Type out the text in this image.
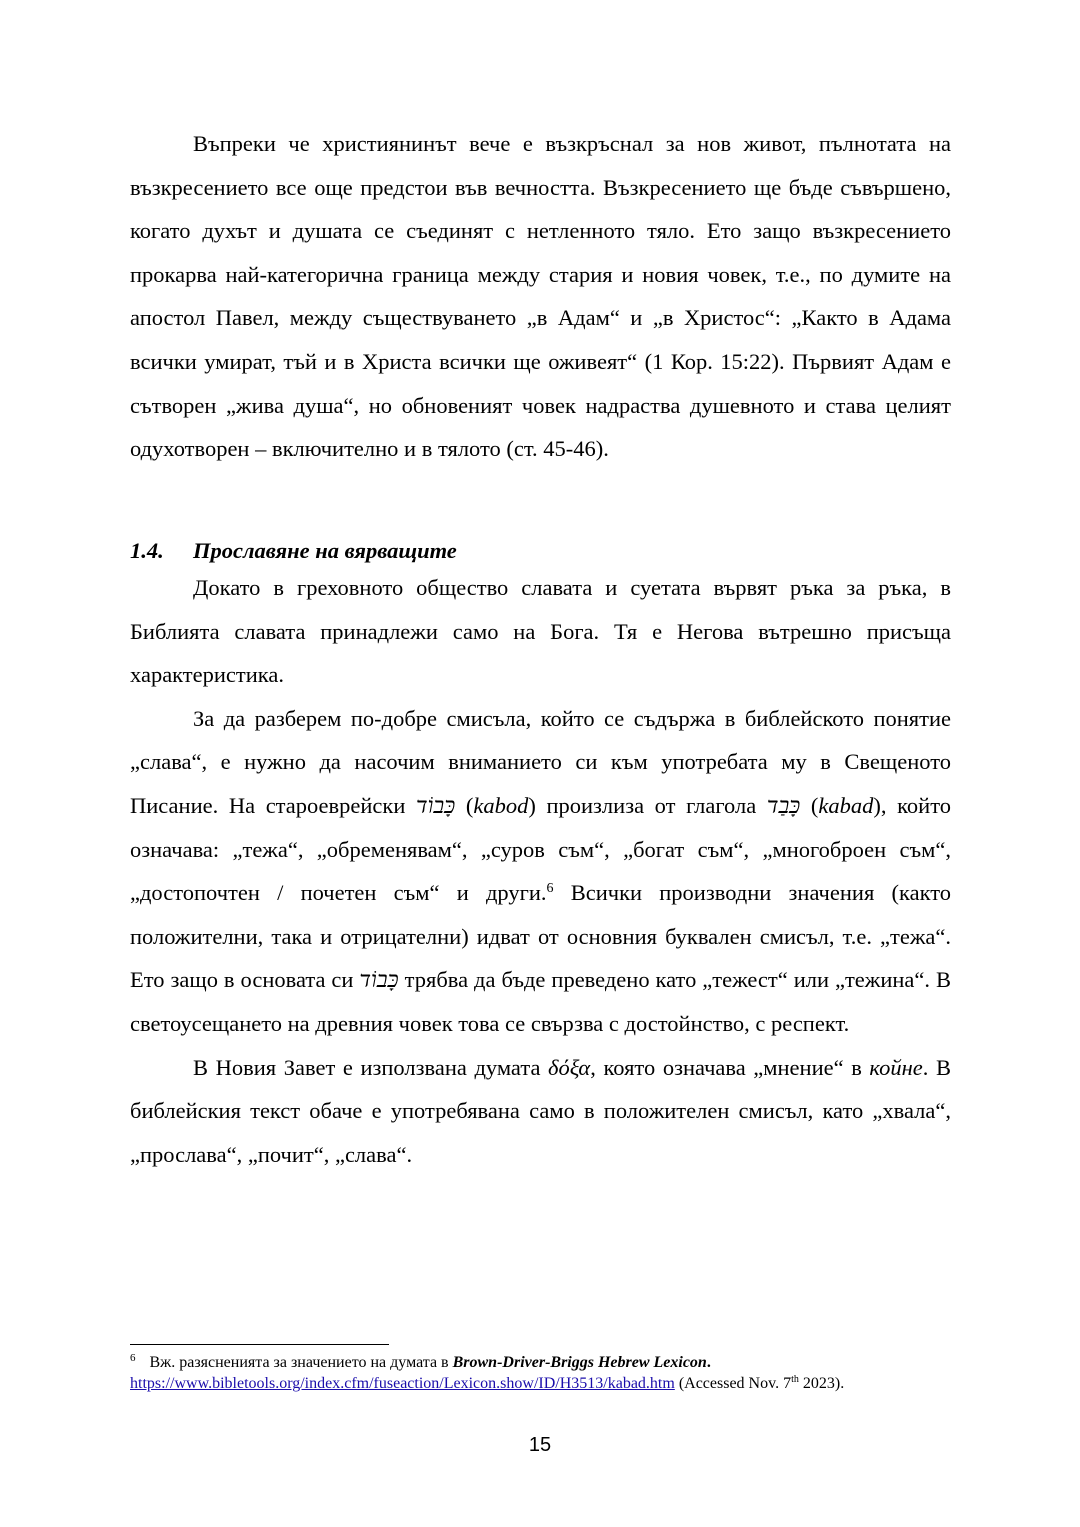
Въпреки че християнинът вече е възкръснал за нов живот, пълнотата на възкресението все още предстои във вечността. Възкресението ще бъде съвършено, когато духът и душата се съединят с нетленното тяло. Ето защо възкресението прокарва най-категорична граница между стария и новия човек, т.е., по думите на апостол Павел, между съществуването „в Адам“ и „в Христос“: „Както в Адама всички умират, тъй и в Христа всички ще оживеят“ (1 Кор. 15:22). Първият Адам е сътворен „жива душа“, но обновеният човек надраства душевното и става целият одухотворен – включително и в тялото (ст. 45-46).

1.4. Прославяне на вярващите

Докато в греховното общество славата и суетата вървят ръка за ръка, в Библията славата принадлежи само на Бога. Тя е Негова вътрешно присъща характеристика.

За да разберем по-добре смисъла, който се съдържа в библейското понятие „слава“, е нужно да насочим вниманието си към употребата му в Свещеното Писание. На староеврейски כָּבוֹד (kabod) произлиза от глагола כָּבַד (kabad), който означава: „тежа“, „обременявам“, „суров съм“, „богат съм“, „многоброен съм“, „достопочтен / почетен съм“ и други.$^6$ Всички производни значения (както положителни, така и отрицателни) идват от основния буквален смисъл, т.е. „тежа“. Ето защо в основата си כָּבוֹד трябва да бъде преведено като „тежест“ или „тежина“. В светоусещането на древния човек това се свързва с достойнство, с респект.

В Новия Завет е използвана думата δόξα, която означава „мнение“ в койне. В библейския текст обаче е употребявана само в положителен смисъл, като „хвала“, „прослава“, „почит“, „слава“.

$^6$ Вж. разясненията за значението на думата в Brown-Driver-Briggs Hebrew Lexicon.

https://www.bibletools.org/index.cfm/fuseaction/Lexicon.show/ID/H3513/kabad.htm (Accessed Nov. 7th 2023).

15
